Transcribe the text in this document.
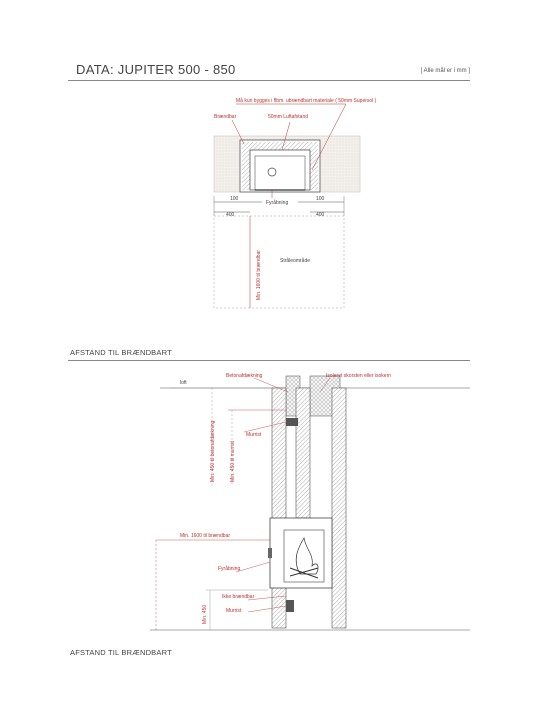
DATA: JUPITER 500 - 850	[ Alle mål er i mm ]
Må kun bygges i flbm. ubrændbart materiale ( 50mm Supersol )
Brændbar	50mm Luftafstand
Fyråbning
100	100
400	400
Stråleområde
Min. 1600 til brændbar
AFSTAND TIL BRÆNDBART
loft
Betonafdækning	Isoleret skorsten eller isokern
Min. 450 til betonafdækning	Min. 450 til murrist
Murrist
Min. 1600 til brændbar
Fyråbning
Ikke brændbar
Murrist
Min. 450
AFSTAND TIL BRÆNDBART
